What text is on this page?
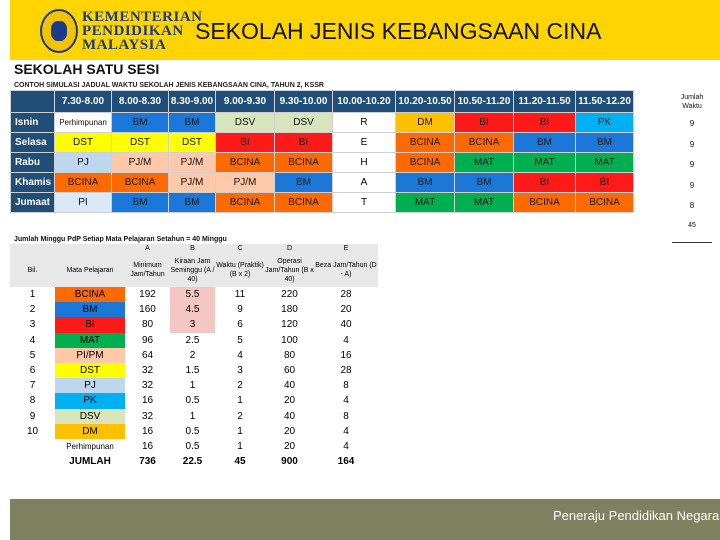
KEMENTERIAN
PENDIDIKAN
MALAYSIA
SEKOLAH JENIS KEBANGSAAN CINA
SEKOLAH SATU SESI
CONTOH SIMULASI JADUAL WAKTU SEKOLAH JENIS KEBANGSAAN CINA, TAHUN 2, KSSR
	7.30-8.00	8.00-8.30	8.30-9.00	9.00-9.30	9.30-10.00	10.00-10.20	10.20-10.50	10.50-11.20	11.20-11.50	11.50-12.20
Isnin	Perhimpunan	BM	BM	DSV	DSV	R	DM	BI	BI	PK
Selasa	DST	DST	DST	BI	BI	E	BCINA	BCINA	BM	BM
Rabu	PJ	PJ/M	PJ/M	BCINA	BCINA	H	BCINA	MAT	MAT	MAT
Khamis	BCINA	BCINA	PJ/M	PJ/M	BM	A	BM	BM	BI	BI
Jumaat	PI	BM	BM	BCINA	BCINA	T	MAT	MAT	BCINA	BCINA
Jumlah Waktu
9
9
9
9
8
45
Jumlah Minggu PdP Setiap Mata Pelajaran Setahun = 40 Minggu
		A	B	C	D	E
Bil.	Mata Pelajaran	Minimum Jam/Tahun	Kiraan Jam Seminggu (A / 40)	Waktu (Praktik) (B x 2)	Operasi Jam/Tahun (B x 40)	Beza Jam/Tahun (D - A)
1	BCINA	192	5.5	11	220	28
2	BM	160	4.5	9	180	20
3	BI	80	3	6	120	40
4	MAT	96	2.5	5	100	4
5	PI/PM	64	2	4	80	16
6	DST	32	1.5	3	60	28
7	PJ	32	1	2	40	8
8	PK	16	0.5	1	20	4
9	DSV	32	1	2	40	8
10	DM	16	0.5	1	20	4
	Perhimpunan	16	0.5	1	20	4
	JUMLAH	736	22.5	45	900	164
Peneraju Pendidikan Negara
